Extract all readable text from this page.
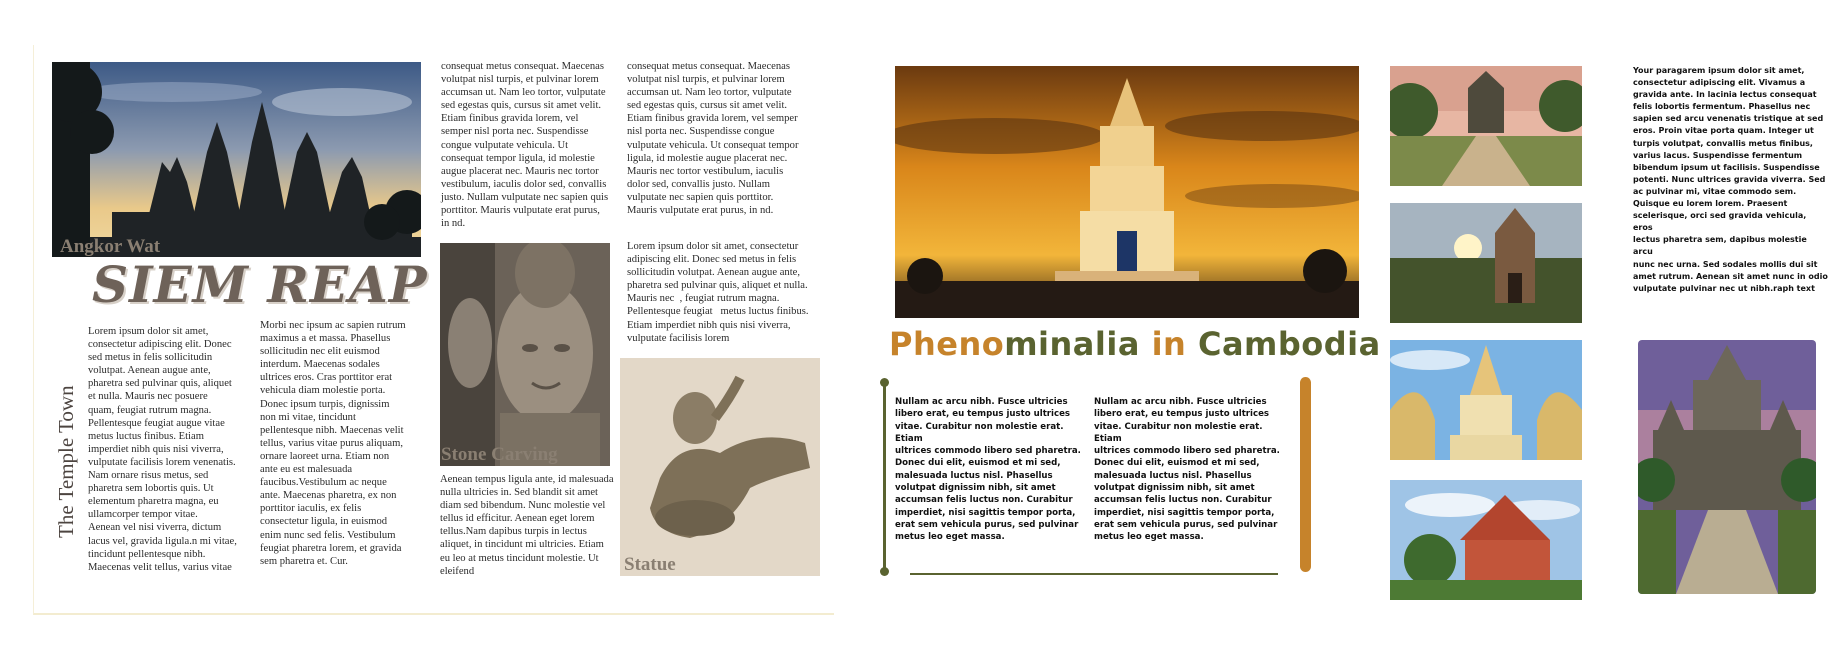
Angkor Wat
SIEM REAP
The Temple Town
Lorem ipsum dolor sit amet,
consectetur adipiscing elit. Donec
sed metus in felis sollicitudin
volutpat. Aenean augue ante,
pharetra sed pulvinar quis, aliquet
et nulla. Mauris nec posuere
quam, feugiat rutrum magna.
Pellentesque feugiat augue vitae
metus luctus finibus. Etiam
imperdiet nibh quis nisi viverra,
vulputate facilisis lorem venenatis.
Nam ornare risus metus, sed
pharetra sem lobortis quis. Ut
elementum pharetra magna, eu
ullamcorper tempor vitae.
Aenean vel nisi viverra, dictum
lacus vel, gravida ligula.n mi vitae,
tincidunt pellentesque nibh.
Maecenas velit tellus, varius vitae
Morbi nec ipsum ac sapien rutrum
maximus a et massa. Phasellus
sollicitudin nec elit euismod
interdum. Maecenas sodales
ultrices eros. Cras porttitor erat
vehicula diam molestie porta.
Donec ipsum turpis, dignissim
non mi vitae, tincidunt
pellentesque nibh. Maecenas velit
tellus, varius vitae purus aliquam,
ornare laoreet urna. Etiam non
ante eu est malesuada
faucibus.Vestibulum ac neque
ante. Maecenas pharetra, ex non
porttitor iaculis, ex felis
consectetur ligula, in euismod
enim nunc sed felis. Vestibulum
feugiat pharetra lorem, et gravida
sem pharetra et. Cur.
consequat metus consequat. Maecenas
volutpat nisl turpis, et pulvinar lorem
accumsan ut. Nam leo tortor, vulputate
sed egestas quis, cursus sit amet velit.
Etiam finibus gravida lorem, vel
semper nisl porta nec. Suspendisse
congue vulputate vehicula. Ut
consequat tempor ligula, id molestie
augue placerat nec. Mauris nec tortor
vestibulum, iaculis dolor sed, convallis
justo. Nullam vulputate nec sapien quis
porttitor. Mauris vulputate erat purus,
in nd.
Stone Carving
Aenean tempus ligula ante, id malesuada
nulla ultricies in. Sed blandit sit amet
diam sed bibendum. Nunc molestie vel
tellus id efficitur. Aenean eget lorem
tellus.Nam dapibus turpis in lectus
aliquet, in tincidunt mi ultricies. Etiam
eu leo at metus tincidunt molestie. Ut
eleifend
consequat metus consequat. Maecenas
volutpat nisl turpis, et pulvinar lorem
accumsan ut. Nam leo tortor, vulputate
sed egestas quis, cursus sit amet velit.
Etiam finibus gravida lorem, vel semper
nisl porta nec. Suspendisse congue
vulputate vehicula. Ut consequat tempor
ligula, id molestie augue placerat nec.
Mauris nec tortor vestibulum, iaculis
dolor sed, convallis justo. Nullam
vulputate nec sapien quis porttitor.
Mauris vulputate erat purus, in nd.
Lorem ipsum dolor sit amet, consectetur
adipiscing elit. Donec sed metus in felis
sollicitudin volutpat. Aenean augue ante,
pharetra sed pulvinar quis, aliquet et nulla.
Mauris nec  , feugiat rutrum magna.
Pellentesque feugiat   metus luctus finibus.
Etiam imperdiet nibh quis nisi viverra,
vulputate facilisis lorem
Statue
Phenominalia in Cambodia
Nullam ac arcu nibh. Fusce ultricies
libero erat, eu tempus justo ultrices
vitae. Curabitur non molestie erat. Etiam
ultrices commodo libero sed pharetra.
Donec dui elit, euismod et mi sed,
malesuada luctus nisl. Phasellus
volutpat dignissim nibh, sit amet
accumsan felis luctus non. Curabitur
imperdiet, nisi sagittis tempor porta,
erat sem vehicula purus, sed pulvinar
metus leo eget massa.
Nullam ac arcu nibh. Fusce ultricies
libero erat, eu tempus justo ultrices
vitae. Curabitur non molestie erat. Etiam
ultrices commodo libero sed pharetra.
Donec dui elit, euismod et mi sed,
malesuada luctus nisl. Phasellus
volutpat dignissim nibh, sit amet
accumsan felis luctus non. Curabitur
imperdiet, nisi sagittis tempor porta,
erat sem vehicula purus, sed pulvinar
metus leo eget massa.
Your paragarem ipsum dolor sit amet,
consectetur adipiscing elit. Vivamus a
gravida ante. In lacinia lectus consequat
felis lobortis fermentum. Phasellus nec
sapien sed arcu venenatis tristique at sed
eros. Proin vitae porta quam. Integer ut
turpis volutpat, convallis metus finibus,
varius lacus. Suspendisse fermentum
bibendum ipsum ut facilisis. Suspendisse
potenti. Nunc ultrices gravida viverra. Sed
ac pulvinar mi, vitae commodo sem.
Quisque eu lorem lorem. Praesent
scelerisque, orci sed gravida vehicula, eros
lectus pharetra sem, dapibus molestie arcu
nunc nec urna. Sed sodales mollis dui sit
amet rutrum. Aenean sit amet nunc in odio
vulputate pulvinar nec ut nibh.raph text
